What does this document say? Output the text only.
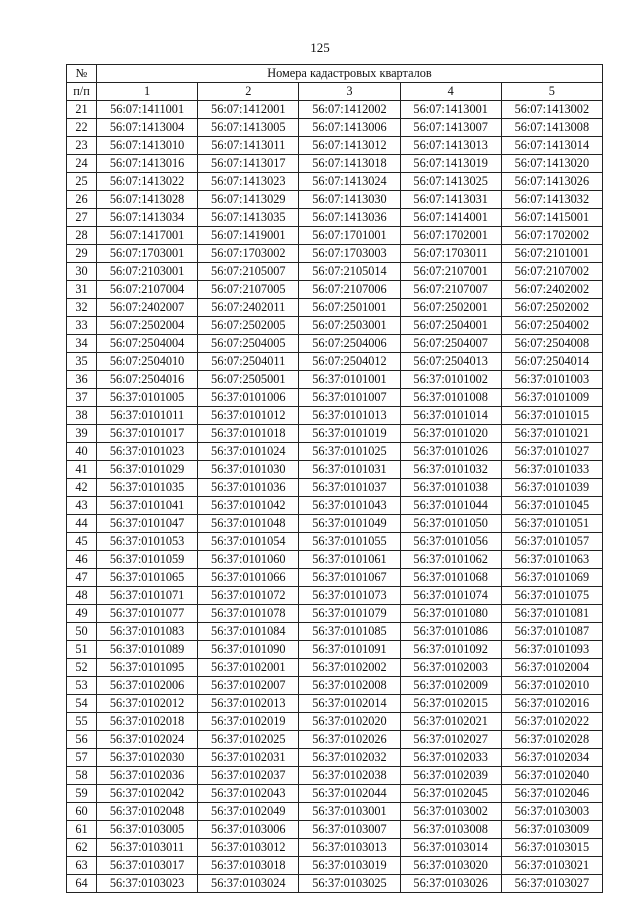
125
№	Номера кадастровых кварталов				
п/п	1	2	3	4	5
21	56:07:1411001	56:07:1412001	56:07:1412002	56:07:1413001	56:07:1413002
22	56:07:1413004	56:07:1413005	56:07:1413006	56:07:1413007	56:07:1413008
23	56:07:1413010	56:07:1413011	56:07:1413012	56:07:1413013	56:07:1413014
24	56:07:1413016	56:07:1413017	56:07:1413018	56:07:1413019	56:07:1413020
25	56:07:1413022	56:07:1413023	56:07:1413024	56:07:1413025	56:07:1413026
26	56:07:1413028	56:07:1413029	56:07:1413030	56:07:1413031	56:07:1413032
27	56:07:1413034	56:07:1413035	56:07:1413036	56:07:1414001	56:07:1415001
28	56:07:1417001	56:07:1419001	56:07:1701001	56:07:1702001	56:07:1702002
29	56:07:1703001	56:07:1703002	56:07:1703003	56:07:1703011	56:07:2101001
30	56:07:2103001	56:07:2105007	56:07:2105014	56:07:2107001	56:07:2107002
31	56:07:2107004	56:07:2107005	56:07:2107006	56:07:2107007	56:07:2402002
32	56:07:2402007	56:07:2402011	56:07:2501001	56:07:2502001	56:07:2502002
33	56:07:2502004	56:07:2502005	56:07:2503001	56:07:2504001	56:07:2504002
34	56:07:2504004	56:07:2504005	56:07:2504006	56:07:2504007	56:07:2504008
35	56:07:2504010	56:07:2504011	56:07:2504012	56:07:2504013	56:07:2504014
36	56:07:2504016	56:07:2505001	56:37:0101001	56:37:0101002	56:37:0101003
37	56:37:0101005	56:37:0101006	56:37:0101007	56:37:0101008	56:37:0101009
38	56:37:0101011	56:37:0101012	56:37:0101013	56:37:0101014	56:37:0101015
39	56:37:0101017	56:37:0101018	56:37:0101019	56:37:0101020	56:37:0101021
40	56:37:0101023	56:37:0101024	56:37:0101025	56:37:0101026	56:37:0101027
41	56:37:0101029	56:37:0101030	56:37:0101031	56:37:0101032	56:37:0101033
42	56:37:0101035	56:37:0101036	56:37:0101037	56:37:0101038	56:37:0101039
43	56:37:0101041	56:37:0101042	56:37:0101043	56:37:0101044	56:37:0101045
44	56:37:0101047	56:37:0101048	56:37:0101049	56:37:0101050	56:37:0101051
45	56:37:0101053	56:37:0101054	56:37:0101055	56:37:0101056	56:37:0101057
46	56:37:0101059	56:37:0101060	56:37:0101061	56:37:0101062	56:37:0101063
47	56:37:0101065	56:37:0101066	56:37:0101067	56:37:0101068	56:37:0101069
48	56:37:0101071	56:37:0101072	56:37:0101073	56:37:0101074	56:37:0101075
49	56:37:0101077	56:37:0101078	56:37:0101079	56:37:0101080	56:37:0101081
50	56:37:0101083	56:37:0101084	56:37:0101085	56:37:0101086	56:37:0101087
51	56:37:0101089	56:37:0101090	56:37:0101091	56:37:0101092	56:37:0101093
52	56:37:0101095	56:37:0102001	56:37:0102002	56:37:0102003	56:37:0102004
53	56:37:0102006	56:37:0102007	56:37:0102008	56:37:0102009	56:37:0102010
54	56:37:0102012	56:37:0102013	56:37:0102014	56:37:0102015	56:37:0102016
55	56:37:0102018	56:37:0102019	56:37:0102020	56:37:0102021	56:37:0102022
56	56:37:0102024	56:37:0102025	56:37:0102026	56:37:0102027	56:37:0102028
57	56:37:0102030	56:37:0102031	56:37:0102032	56:37:0102033	56:37:0102034
58	56:37:0102036	56:37:0102037	56:37:0102038	56:37:0102039	56:37:0102040
59	56:37:0102042	56:37:0102043	56:37:0102044	56:37:0102045	56:37:0102046
60	56:37:0102048	56:37:0102049	56:37:0103001	56:37:0103002	56:37:0103003
61	56:37:0103005	56:37:0103006	56:37:0103007	56:37:0103008	56:37:0103009
62	56:37:0103011	56:37:0103012	56:37:0103013	56:37:0103014	56:37:0103015
63	56:37:0103017	56:37:0103018	56:37:0103019	56:37:0103020	56:37:0103021
64	56:37:0103023	56:37:0103024	56:37:0103025	56:37:0103026	56:37:0103027
